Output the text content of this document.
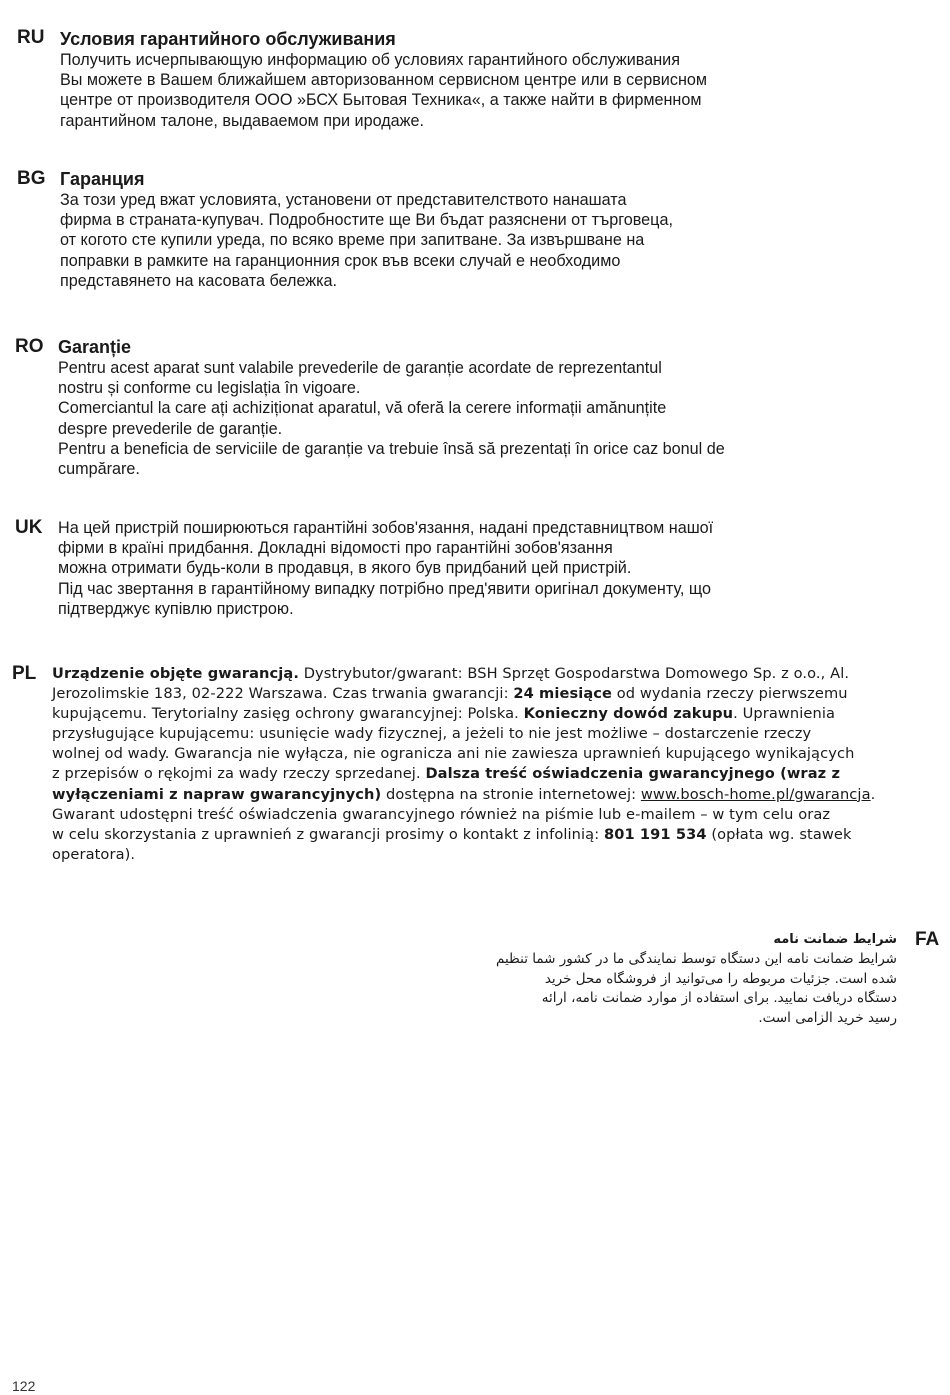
RU Условия гарантийного обслуживания
Получить исчерпывающую информацию об условиях гарантийного обслуживания
Вы можете в Вашем ближайшем авторизованном сервисном центре или в сервисном
центре от производителя ООО »БСХ Бытовая Техника«, а также найти в фирменном
гарантийном талоне, выдаваемом при иродаже.
BG Гаранция
За този уред вжат условията, установени от представителството нанашата
фирма в страната-купувач. Подробностите ще Ви бъдат разяснени от търговеца,
от когото сте купили уреда, по всяко време при запитване. За извършване на
поправки в рамките на гаранционния срок във всеки случай е необходимо
представянето на касовата бележка.
RO Garanție
Pentru acest aparat sunt valabile prevederile de garanție acordate de reprezentantul
nostru și conforme cu legislația în vigoare.
Comerciantul la care ați achiziționat aparatul, vă oferă la cerere informații amănunțite
despre prevederile de garanție.
Pentru a beneficia de serviciile de garanție va trebuie însă să prezentați în orice caz bonul de
cumpărare.
UK На цей пристрій поширюються гарантійні зобов'язання, надані представництвом нашої
фірми в країні придбання. Докладні відомості про гарантійні зобов'язання
можна отримати будь-коли в продавця, в якого був придбаний цей пристрій.
Під час звертання в гарантійному випадку потрібно пред'явити оригінал документу, що
підтверджує купівлю пристрою.
PL Urządzenie objęte gwarancją. Dystrybutor/gwarant: BSH Sprzęt Gospodarstwa Domowego Sp. z o.o., Al.
Jerozolimskie 183, 02-222 Warszawa. Czas trwania gwarancji: 24 miesiące od wydania rzeczy pierwszemu
kupującemu. Terytorialny zasięg ochrony gwarancyjnej: Polska. Konieczny dowód zakupu. Uprawnienia
przysługujące kupującemu: usunięcie wady fizycznej, a jeżeli to nie jest możliwe – dostarczenie rzeczy
wolnej od wady. Gwarancja nie wyłącza, nie ogranicza ani nie zawiesza uprawnień kupującego wynikających
z przepisów o rękojmi za wady rzeczy sprzedanej. Dalsza treść oświadczenia gwarancyjnego (wraz z
wyłączeniami z napraw gwarancyjnych) dostępna na stronie internetowej: www.bosch-home.pl/gwarancja.
Gwarant udostępni treść oświadczenia gwarancyjnego również na piśmie lub e-mailem – w tym celu oraz
w celu skorzystania z uprawnień z gwarancji prosimy o kontakt z infolinią: 801 191 534 (opłata wg. stawek
operatora).
FA
شرایط ضمانت نامه
شرایط ضمانت نامه این دستگاه توسط نمایندگی ما در کشور شما تنظیم
شده است. جزئیات مربوطه را می‌توانید از فروشگاه محل خرید
دستگاه دریافت نمایید. برای استفاده از موارد ضمانت نامه، ارائه
رسید خرید الزامی است.
122
